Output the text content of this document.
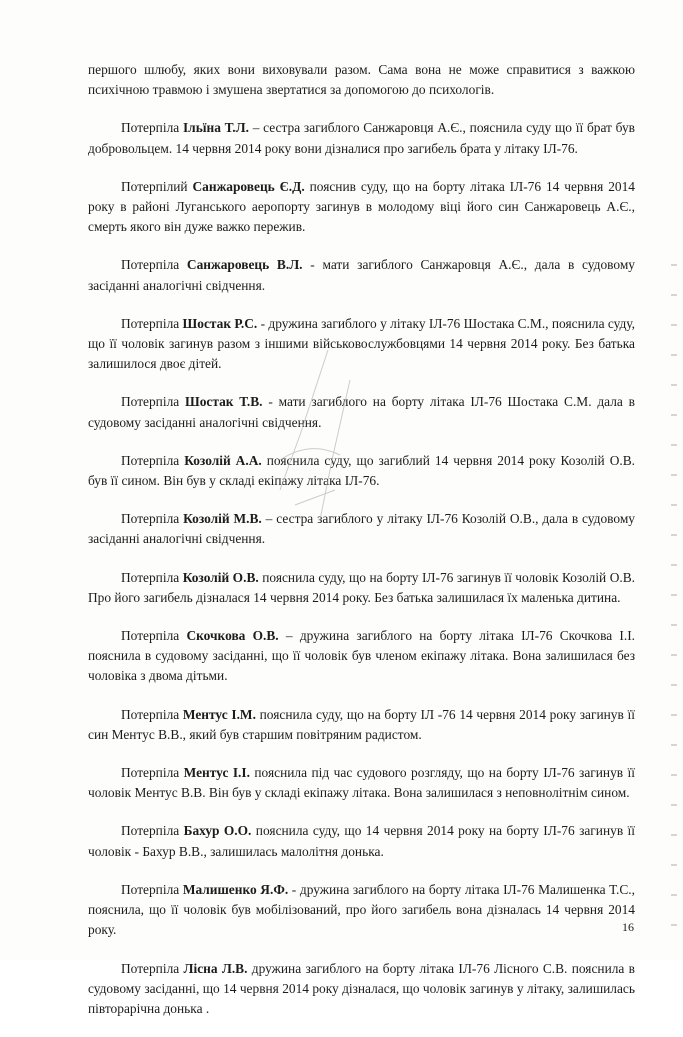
першого шлюбу, яких вони виховували разом. Сама вона не може справитися з важкою психічною травмою і змушена звертатися за допомогою до психологів.

Потерпіла Ільїна Т.Л. – сестра загиблого Санжаровця А.Є., пояснила суду що її брат був добровольцем. 14 червня 2014 року вони дізналися про загибель брата у літаку ІЛ-76.

Потерпілий Санжаровець Є.Д. пояснив суду, що на борту літака ІЛ-76 14 червня 2014 року в районі Луганського аеропорту загинув в молодому віці його син Санжаровець А.Є., смерть якого він дуже важко пережив.

Потерпіла Санжаровець В.Л. - мати загиблого Санжаровця А.Є., дала в судовому засіданні аналогічні свідчення.

Потерпіла Шостак Р.С. - дружина загиблого у літаку ІЛ-76 Шостака С.М., пояснила суду, що її чоловік загинув разом з іншими військовослужбовцями 14 червня 2014 року. Без батька залишилося двоє дітей.

Потерпіла Шостак Т.В. - мати загиблого на борту літака ІЛ-76 Шостака С.М. дала в судовому засіданні аналогічні свідчення.

Потерпіла Козолій А.А. пояснила суду, що загиблий 14 червня 2014 року Козолій О.В. був її сином. Він був у складі екіпажу літака ІЛ-76.

Потерпіла Козолій М.В. – сестра загиблого у літаку ІЛ-76 Козолій О.В., дала в судовому засіданні аналогічні свідчення.

Потерпіла Козолій О.В. пояснила суду, що на борту ІЛ-76 загинув її чоловік Козолій О.В. Про його загибель дізналася 14 червня 2014 року. Без батька залишилася їх маленька дитина.

Потерпіла Скочкова О.В. – дружина загиблого на борту літака ІЛ-76 Скочкова І.І. пояснила в судовому засіданні, що її чоловік був членом екіпажу літака. Вона залишилася без чоловіка з двома дітьми.

Потерпіла Ментус І.М. пояснила суду, що на борту ІЛ -76 14 червня 2014 року загинув її син Ментус В.В., який був старшим повітряним радистом.

Потерпіла Ментус І.І. пояснила під час судового розгляду, що на борту ІЛ-76 загинув її чоловік Ментус В.В. Він був у складі екіпажу літака. Вона залишилася з неповнолітнім сином.

Потерпіла Бахур О.О. пояснила суду, що 14 червня 2014 року на борту ІЛ-76 загинув її чоловік - Бахур В.В., залишилась малолітня донька.

Потерпіла Малишенко Я.Ф. - дружина загиблого на борту літака ІЛ-76 Малишенка Т.С., пояснила, що її чоловік був мобілізований, про його загибель вона дізналась 14 червня 2014 року.

Потерпіла Лісна Л.В. дружина загиблого на борту літака ІЛ-76 Лісного С.В. пояснила в судовому засіданні, що 14 червня 2014 року дізналася, що чоловік загинув у літаку, залишилась півторарічна донька .

16
